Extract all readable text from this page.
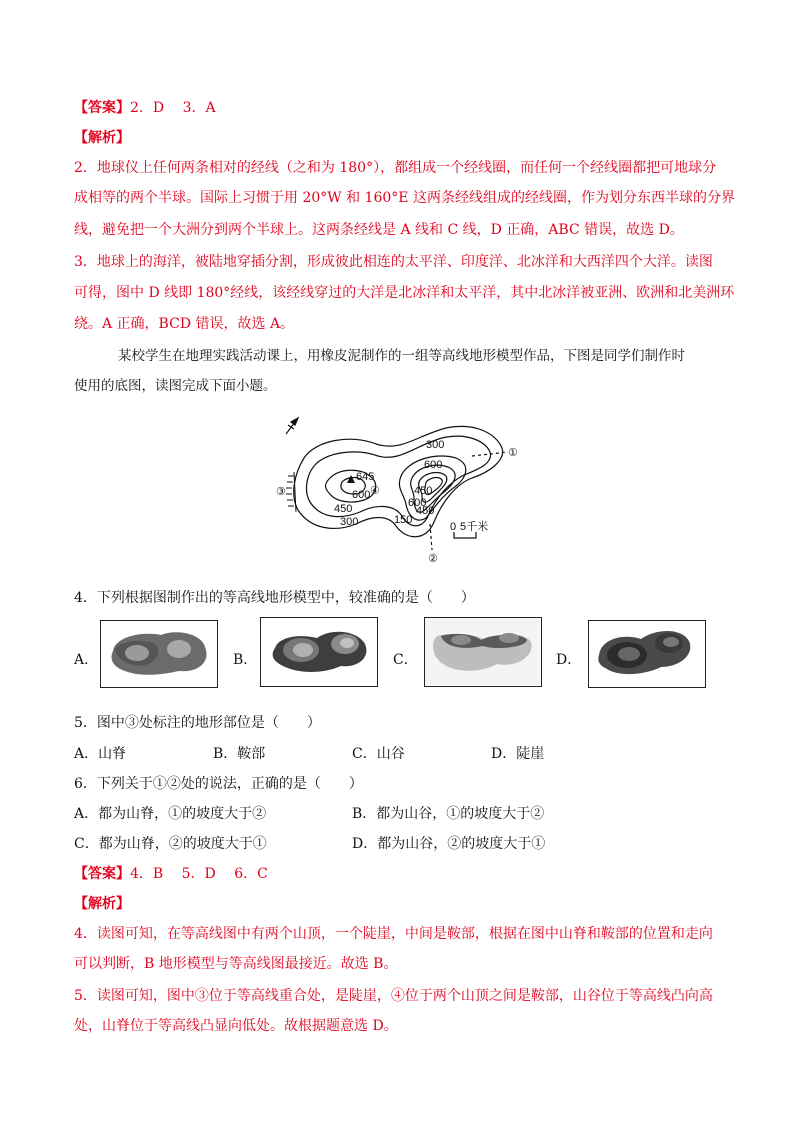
【答案】2．D　 3．A
【解析】
2．地球仪上任何两条相对的经线（之和为 180°），都组成一个经线圈，而任何一个经线圈都把可地球分
成相等的两个半球。国际上习惯于用 20°W 和 160°E 这两条经线组成的经线圈，作为划分东西半球的分界
线，避免把一个大洲分到两个半球上。这两条经线是 A 线和 C 线，D 正确，ABC 错误，故选 D。
3．地球上的海洋，被陆地穿插分割，形成彼此相连的太平洋、印度洋、北冰洋和大西洋四个大洋。读图
可得，图中 D 线即 180°经线，该经线穿过的大洋是北冰洋和太平洋，其中北冰洋被亚洲、欧洲和北美洲环
绕。A 正确，BCD 错误，故选 A。
某校学生在地理实践活动课上，用橡皮泥制作的一组等高线地形模型作品，下图是同学们制作时
使用的底图，读图完成下面小题。
300
600
450
600
450
645
600
450
300	150
①
②
③	④
0 5千米
4．下列根据图制作出的等高线地形模型中，较准确的是（　　）
A．	B．	C．	D．
5．图中③处标注的地形部位是（　　）
A．山脊	B．鞍部	C．山谷	D．陡崖
6．下列关于①②处的说法，正确的是（　　）
A．都为山脊，①的坡度大于②	B．都为山谷，①的坡度大于②
C．都为山脊，②的坡度大于①	D．都为山谷，②的坡度大于①
【答案】4．B　 5．D　 6．C
【解析】
4．读图可知，在等高线图中有两个山顶，一个陡崖，中间是鞍部，根据在图中山脊和鞍部的位置和走向
可以判断，B 地形模型与等高线图最接近。故选 B。
5．读图可知，图中③位于等高线重合处，是陡崖，④位于两个山顶之间是鞍部，山谷位于等高线凸向高
处，山脊位于等高线凸显向低处。故根据题意选 D。
